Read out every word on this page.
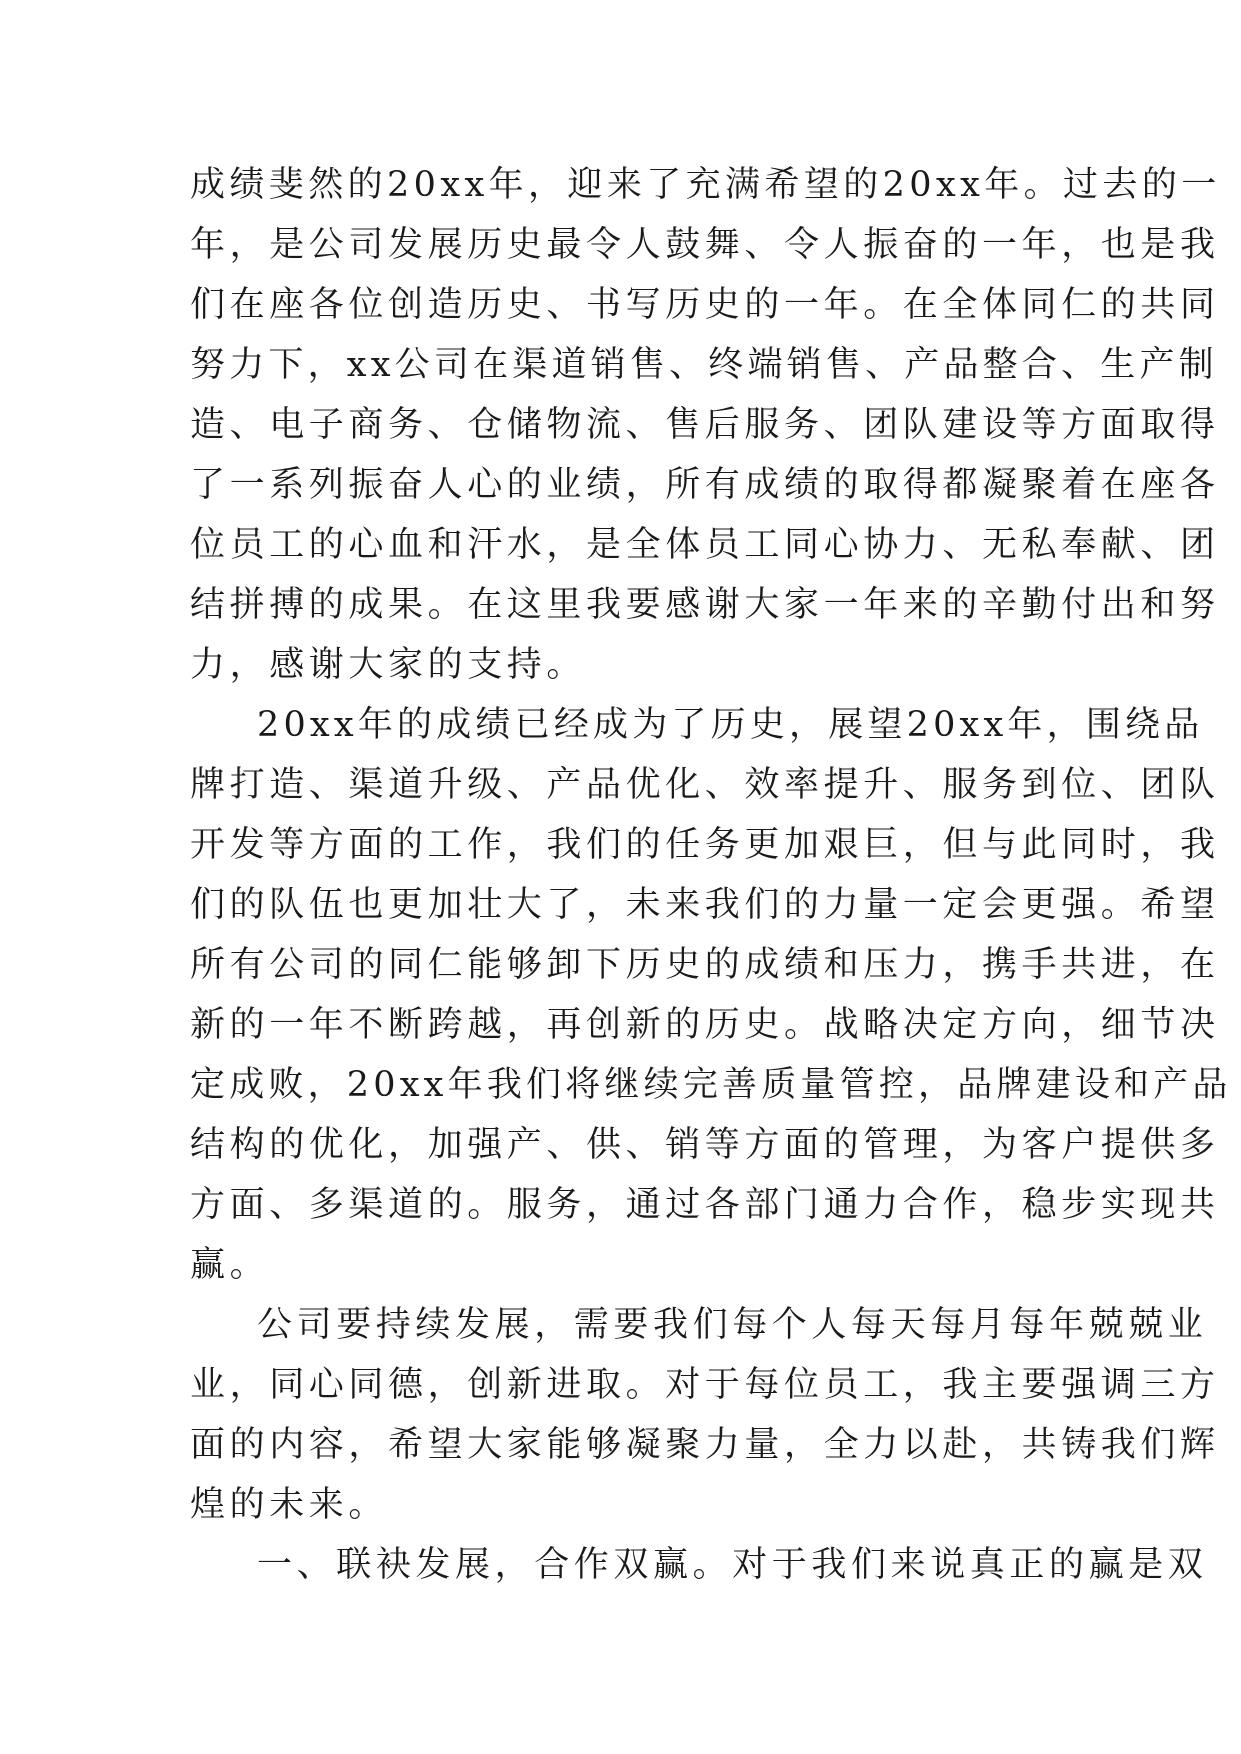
成绩斐然的20xx年，迎来了充满希望的20xx年。过去的一
年，是公司发展历史最令人鼓舞、令人振奋的一年，也是我
们在座各位创造历史、书写历史的一年。在全体同仁的共同
努力下，xx公司在渠道销售、终端销售、产品整合、生产制
造、电子商务、仓储物流、售后服务、团队建设等方面取得
了一系列振奋人心的业绩，所有成绩的取得都凝聚着在座各
位员工的心血和汗水，是全体员工同心协力、无私奉献、团
结拼搏的成果。在这里我要感谢大家一年来的辛勤付出和努
力，感谢大家的支持。
20xx年的成绩已经成为了历史，展望20xx年，围绕品
牌打造、渠道升级、产品优化、效率提升、服务到位、团队
开发等方面的工作，我们的任务更加艰巨，但与此同时，我
们的队伍也更加壮大了，未来我们的力量一定会更强。希望
所有公司的同仁能够卸下历史的成绩和压力，携手共进，在
新的一年不断跨越，再创新的历史。战略决定方向，细节决
定成败，20xx年我们将继续完善质量管控，品牌建设和产品
结构的优化，加强产、供、销等方面的管理，为客户提供多
方面、多渠道的。服务，通过各部门通力合作，稳步实现共
赢。
公司要持续发展，需要我们每个人每天每月每年兢兢业
业，同心同德，创新进取。对于每位员工，我主要强调三方
面的内容，希望大家能够凝聚力量，全力以赴，共铸我们辉
煌的未来。
一、联袂发展，合作双赢。对于我们来说真正的赢是双
